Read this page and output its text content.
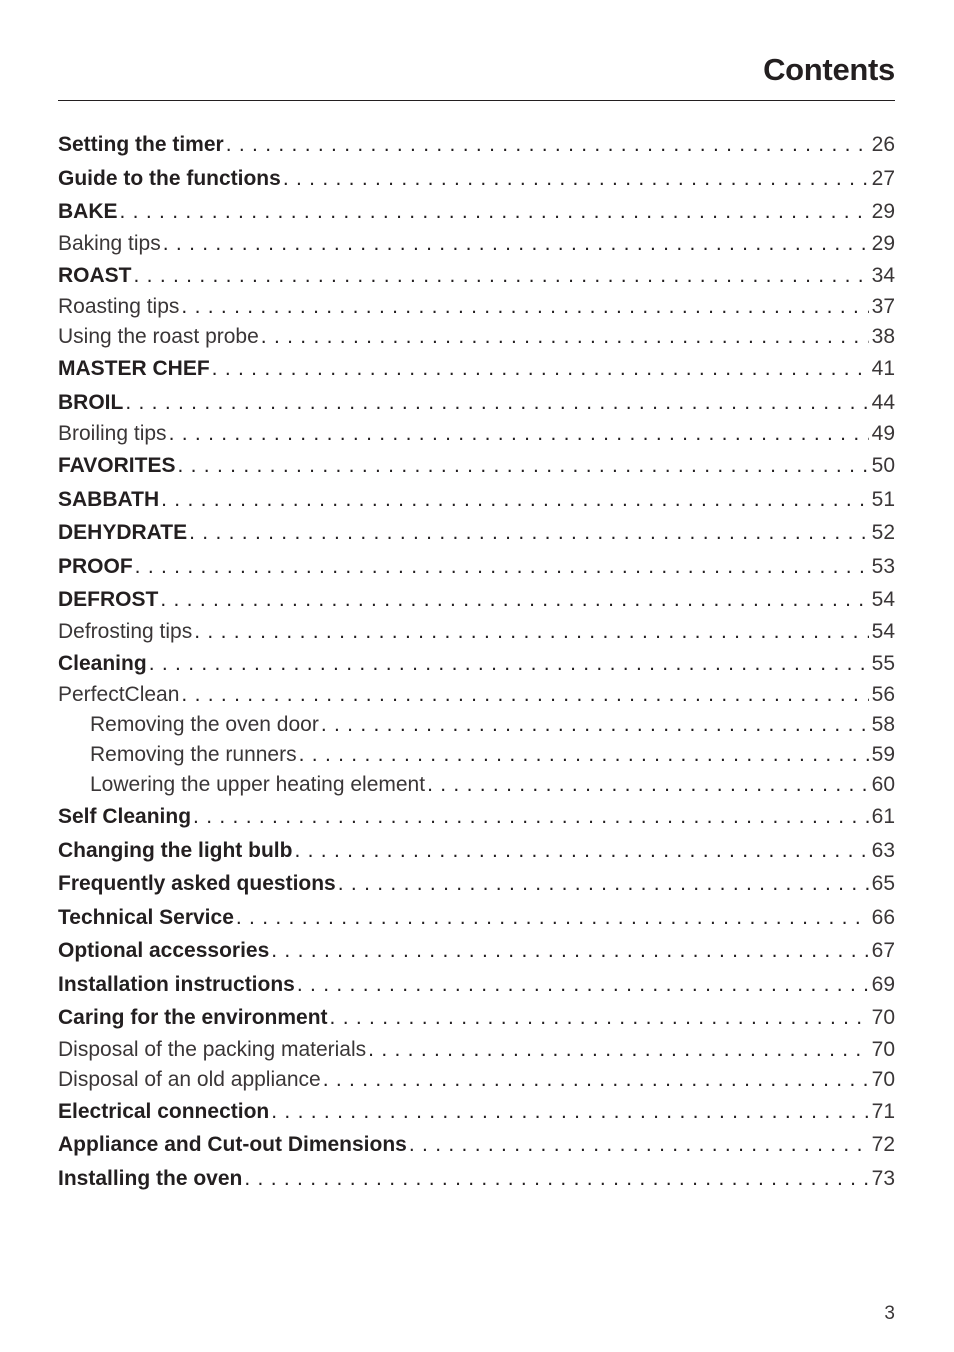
Contents
Setting the timer . . .	26
Guide to the functions . . .	27
BAKE . . .	29
Baking tips . . .	29
ROAST . . .	34
Roasting tips . . .	37
Using the roast probe . . .	38
MASTER CHEF . . .	41
BROIL . . .	44
Broiling tips . . .	49
FAVORITES . . .	50
SABBATH . . .	51
DEHYDRATE . . .	52
PROOF . . .	53
DEFROST . . .	54
Defrosting tips . . .	54
Cleaning . . .	55
PerfectClean . . .	56
Removing the oven door . . .	58
Removing the runners . . .	59
Lowering the upper heating element . . .	60
Self Cleaning . . .	61
Changing the light bulb . . .	63
Frequently asked questions . . .	65
Technical Service . . .	66
Optional accessories . . .	67
Installation instructions . . .	69
Caring for the environment . . .	70
Disposal of the packing materials . . .	70
Disposal of an old appliance . . .	70
Electrical connection . . .	71
Appliance and Cut-out Dimensions . . .	72
Installing the oven . . .	73
3
